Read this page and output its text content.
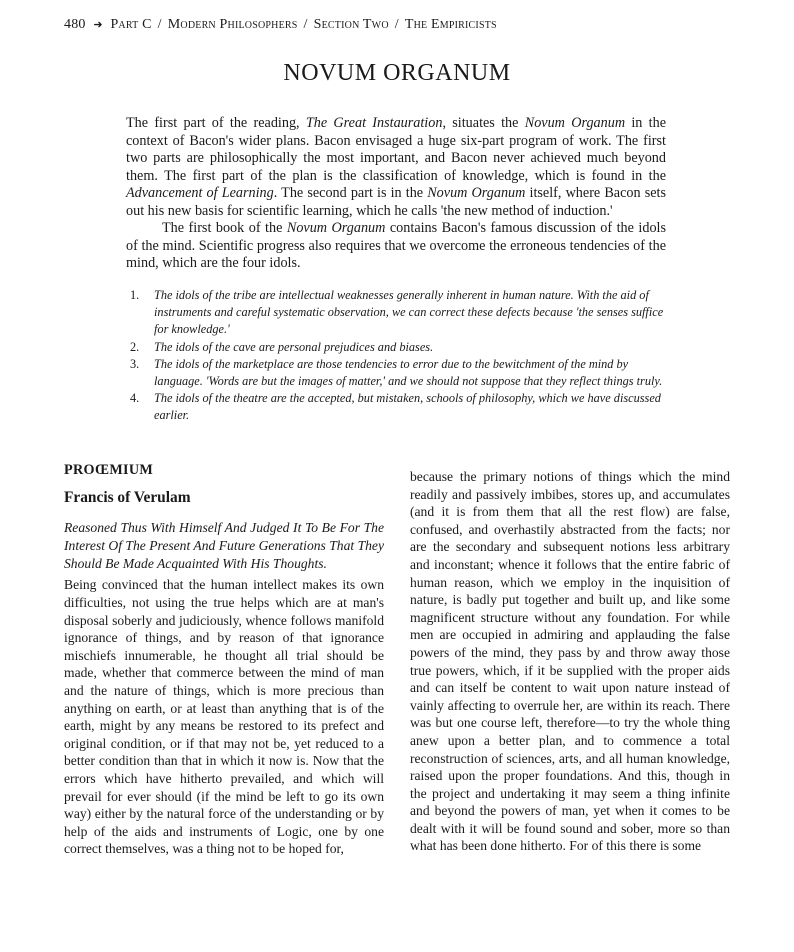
480 ➜ Part C / Modern Philosophers / Section Two / The Empiricists
NOVUM ORGANUM

The first part of the reading, The Great Instauration, situates the Novum Organum in the context of Bacon's wider plans. Bacon envisaged a huge six-part program of work. The first two parts are philosophically the most important, and Bacon never achieved much beyond them. The first part of the plan is the classification of knowledge, which is found in the Advancement of Learning. The second part is in the Novum Organum itself, where Bacon sets out his new basis for scientific learning, which he calls 'the new method of induction.'

The first book of the Novum Organum contains Bacon's famous discussion of the idols of the mind. Scientific progress also requires that we overcome the erroneous tendencies of the mind, which are the four idols.

1. The idols of the tribe are intellectual weaknesses generally inherent in human nature. With the aid of instruments and careful systematic observation, we can correct these defects because 'the senses suffice for knowledge.'
2. The idols of the cave are personal prejudices and biases.
3. The idols of the marketplace are those tendencies to error due to the bewitchment of the mind by language. 'Words are but the images of matter,' and we should not suppose that they reflect things truly.
4. The idols of the theatre are the accepted, but mistaken, schools of philosophy, which we have discussed earlier.
PROŒMIUM
Francis of Verulam

Reasoned Thus With Himself And Judged It To Be For The Interest Of The Present And Future Generations That They Should Be Made Acquainted With His Thoughts.

Being convinced that the human intellect makes its own difficulties, not using the true helps which are at man's disposal soberly and judiciously, whence follows manifold ignorance of things, and by reason of that ignorance mischiefs innumerable, he thought all trial should be made, whether that commerce between the mind of man and the nature of things, which is more precious than anything on earth, or at least than anything that is of the earth, might by any means be restored to its prefect and original condition, or if that may not be, yet reduced to a better condition than that in which it now is. Now that the errors which have hitherto prevailed, and which will prevail for ever should (if the mind be left to go its own way) either by the natural force of the understanding or by help of the aids and instruments of Logic, one by one correct themselves, was a thing not to be hoped for,

because the primary notions of things which the mind readily and passively imbibes, stores up, and accumulates (and it is from them that all the rest flow) are false, confused, and overhastily abstracted from the facts; nor are the secondary and subsequent notions less arbitrary and inconstant; whence it follows that the entire fabric of human reason, which we employ in the inquisition of nature, is badly put together and built up, and like some magnificent structure without any foundation. For while men are occupied in admiring and applauding the false powers of the mind, they pass by and throw away those true powers, which, if it be supplied with the proper aids and can itself be content to wait upon nature instead of vainly affecting to overrule her, are within its reach. There was but one course left, therefore—to try the whole thing anew upon a better plan, and to commence a total reconstruction of sciences, arts, and all human knowledge, raised upon the proper foundations. And this, though in the project and undertaking it may seem a thing infinite and beyond the powers of man, yet when it comes to be dealt with it will be found sound and sober, more so than what has been done hitherto. For of this there is some
